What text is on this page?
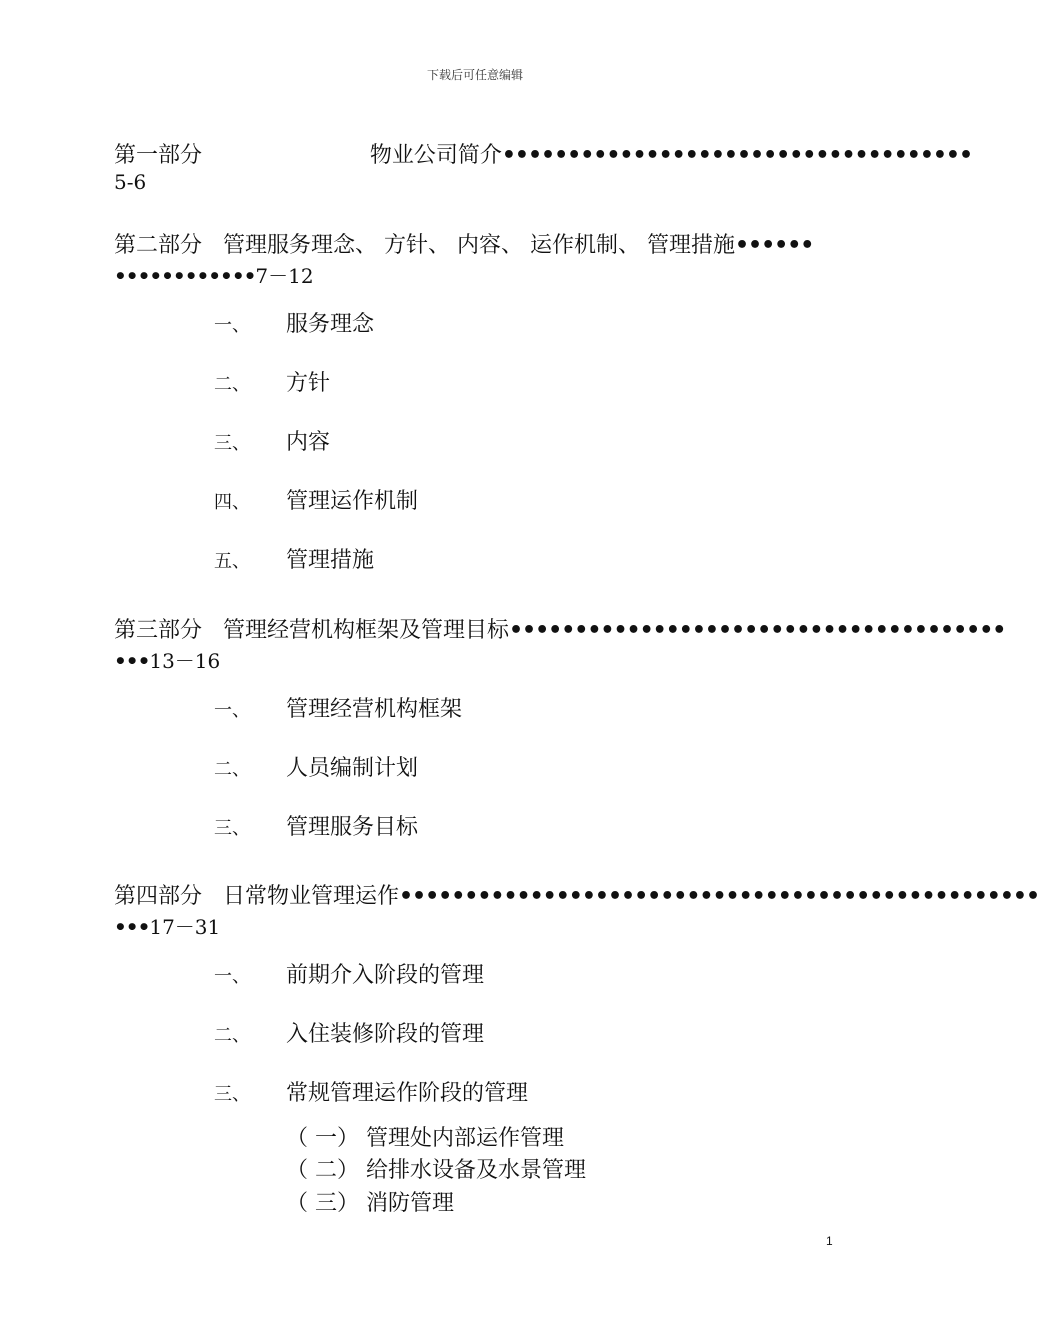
下载后可任意编辑
第一部分                        物业公司简介 ••••••••••••••••••••••••••••••••••••
5-6
第二部分   管理服务理念、 方针、 内容、 运作机制、 管理措施 ••••••
••••••••••••7－12
一、 服务理念
二、 方针
三、 内容
四、 管理运作机制
五、 管理措施
第三部分   管理经营机构框架及管理目标 ••••••••••••••••••••••••••••••••••••••
•••13－16
一、 管理经营机构框架
二、 人员编制计划
三、 管理服务目标
第四部分   日常物业管理运作 •••••••••••••••••••••••••••••••••••••••••••••••••
•••17－31
一、 前期介入阶段的管理
二、 入住装修阶段的管理
三、 常规管理运作阶段的管理
（ 一） 管理处内部运作管理
（ 二） 给排水设备及水景管理
（ 三） 消防管理
1
